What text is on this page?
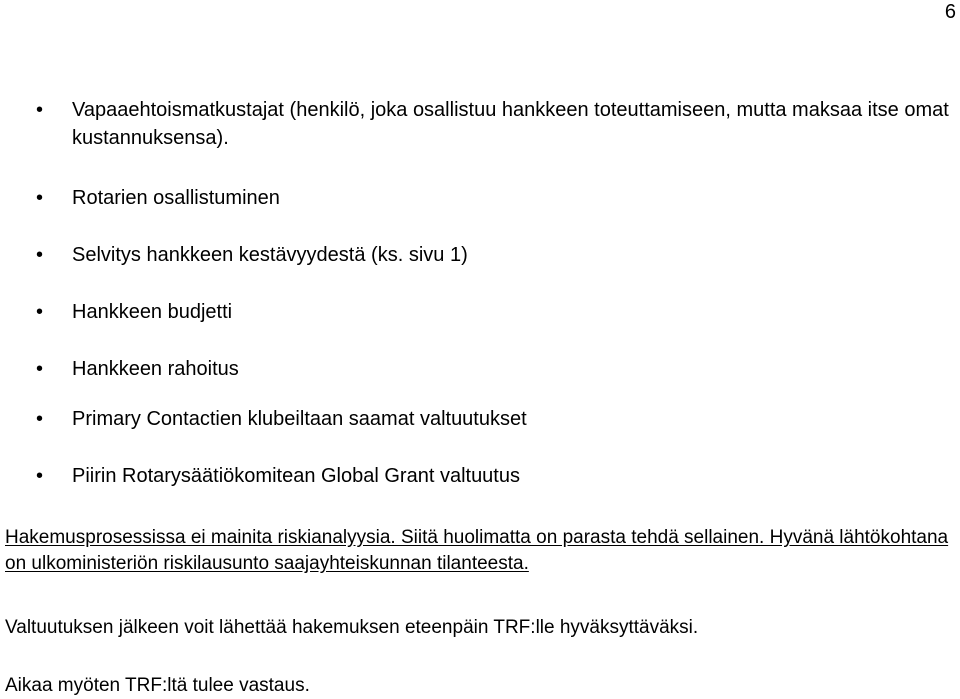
6
•	Vapaaehtoismatkustajat (henkilö, joka osallistuu hankkeen toteuttamiseen, mutta maksaa itse omat kustannuksensa).
•	Rotarien osallistuminen
•	Selvitys hankkeen kestävyydestä (ks. sivu 1)
•	Hankkeen budjetti
•	Hankkeen rahoitus
•	Primary Contactien klubeiltaan saamat valtuutukset
•	Piirin Rotarysäätiökomitean Global Grant valtuutus
Hakemusprosessissa ei mainita riskianalyysia. Siitä huolimatta on parasta tehdä sellainen. Hyvänä lähtökohtana on ulkoministeriön riskilausunto saajayhteiskunnan tilanteesta.
Valtuutuksen jälkeen voit lähettää hakemuksen eteenpäin TRF:lle hyväksyttäväksi.
Aikaa myöten TRF:ltä tulee vastaus.
